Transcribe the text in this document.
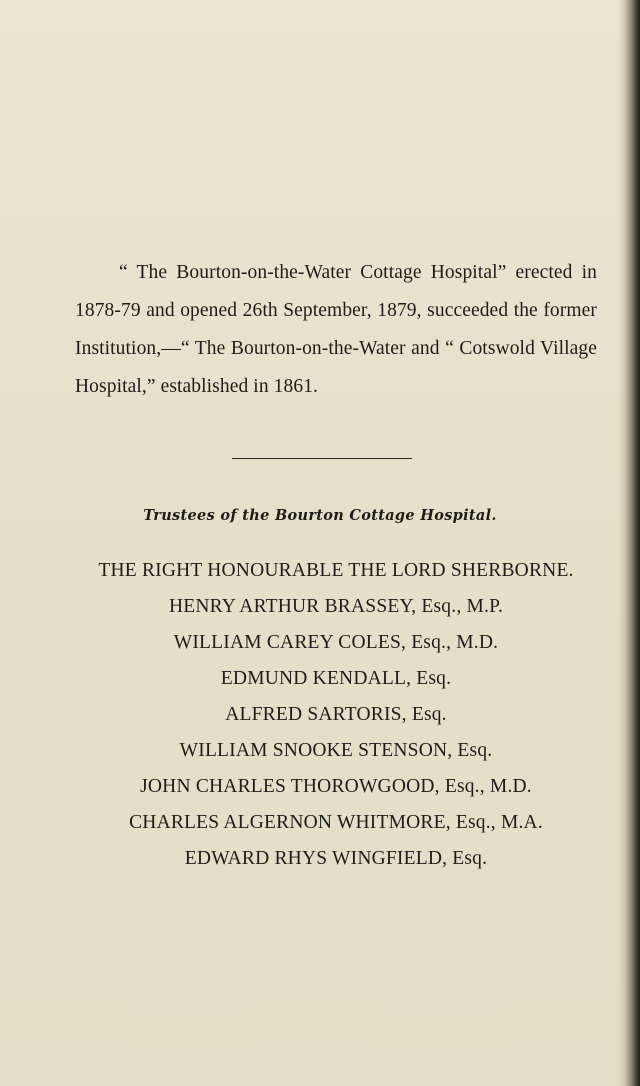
“ The Bourton-on-the-Water Cottage Hospital” erected in 1878-79 and opened 26th September, 1879, succeeded the former Institution,—“ The Bourton-on-the-Water and “ Cotswold Village Hospital,” established in 1861.

Trustees of the Bourton Cottage Hospital.
THE RIGHT HONOURABLE THE LORD SHERBORNE.
HENRY ARTHUR BRASSEY, Esq., M.P.
WILLIAM CAREY COLES, Esq., M.D.
EDMUND KENDALL, Esq.
ALFRED SARTORIS, Esq.
WILLIAM SNOOKE STENSON, Esq.
JOHN CHARLES THOROWGOOD, Esq., M.D.
CHARLES ALGERNON WHITMORE, Esq., M.A.
EDWARD RHYS WINGFIELD, Esq.
